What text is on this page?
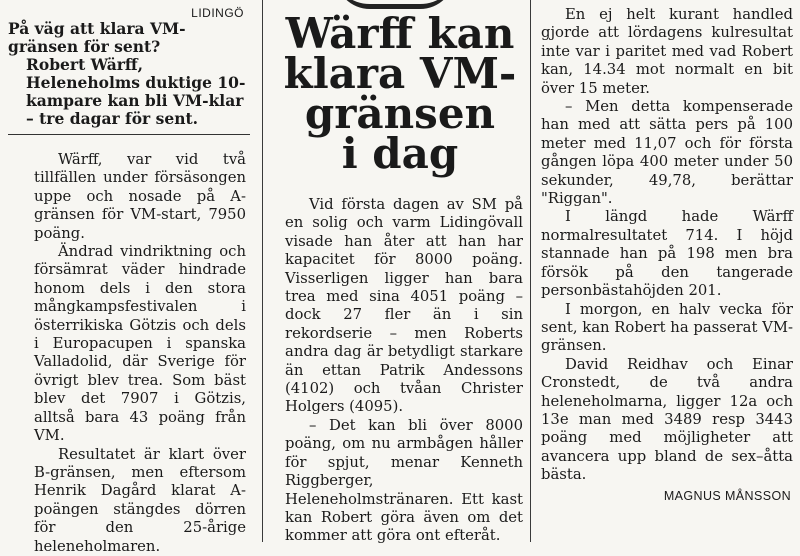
LIDINGÖ

På väg att klara VM-gränsen för sent?

Robert Wärff, Heleneholms duktige 10-kampare kan bli VM-klar – tre dagar för sent.

Wärff, var vid två tillfällen under försäsongen uppe och nosade på A-gränsen för VM-start, 7950 poäng.

Ändrad vindriktning och försämrat väder hindrade honom dels i den stora mångkampsfestivalen i österrikiska Götzis och dels i Europacupen i spanska Valladolid, där Sverige för övrigt blev trea. Som bäst blev det 7907 i Götzis, alltså bara 43 poäng från VM.

Resultatet är klart över B-gränsen, men eftersom Henrik Dagård klarat A-poängen stängdes dörren för den 25-årige heleneholmaren.

Wärff kan
klara VM-
gränsen
i dag

Vid första dagen av SM på en solig och varm Lidingövall visade han åter att han har kapacitet för 8000 poäng. Visserligen ligger han bara trea med sina 4051 poäng – dock 27 fler än i sin rekordserie – men Roberts andra dag är betydligt starkare än ettan Patrik Andessons (4102) och tvåan Christer Holgers (4095).

– Det kan bli över 8000 poäng, om nu armbågen håller för spjut, menar Kenneth Riggberger, Heleneholmstränaren. Ett kast kan Robert göra även om det kommer att göra ont efteråt.

En ej helt kurant handled gjorde att lördagens kulresultat inte var i paritet med vad Robert kan, 14.34 mot normalt en bit över 15 meter.

– Men detta kompenserade han med att sätta pers på 100 meter med 11,07 och för första gången löpa 400 meter under 50 sekunder, 49,78, berättar "Riggan".

I längd hade Wärff normalresultatet 714. I höjd stannade han på 198 men bra försök på den tangerade personbästahöjden 201.

I morgon, en halv vecka för sent, kan Robert ha passerat VM-gränsen.

David Reidhav och Einar Cronstedt, de två andra heleneholmarna, ligger 12a och 13e man med 3489 resp 3443 poäng med möjligheter att avancera upp bland de sex–åtta bästa.

MAGNUS MÅNSSON
